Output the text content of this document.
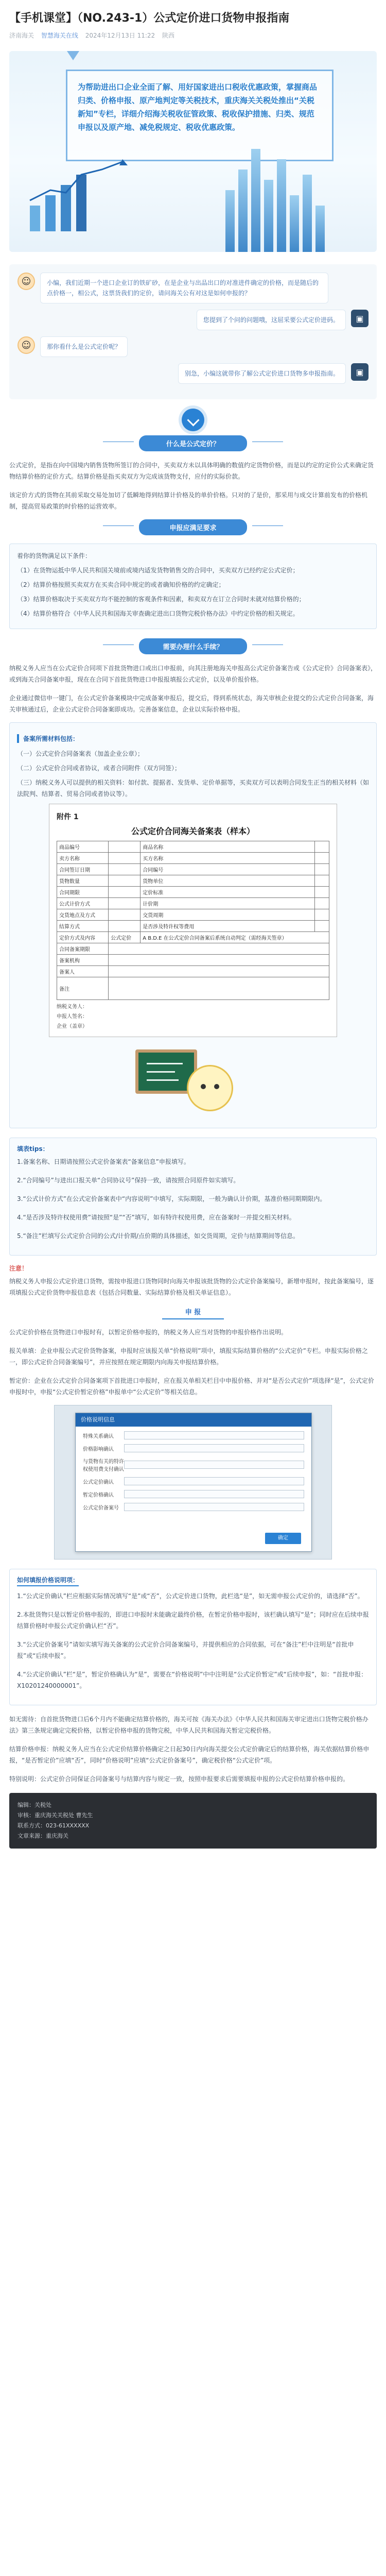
【手机课堂】（NO.243-1）公式定价进口货物申报指南
济南海关 智慧海关在线 2024年12月13日 11:22 陕西

为帮助进出口企业全面了解、用好国家进出口税收优惠政策，掌握商品归类、价格申报、原产地判定等关税技术，重庆海关关税处推出“关税新知”专栏，详细介绍海关税收征管政策、税收保护措施、归类、规范申报以及原产地、减免税规定、税收优惠政策。

☺	小编，我们近期一个进口企业订的铁矿砂，在是企业与出品出口的对准进件确定的价格，而是随后的点价格一，相公式，这票货我们的定价，请问海关公有对这是如何申报的？
您提到了个问的问题哦，这屈采要公式定价进码。	▣
☺	那你看什么是公式定价呢？
别急，小编这就带你了解公式定价进口货物多申报指南。	▣
什么是公式定价？

公式定价，是指在向中国境内销售货物所签订的合同中，买卖双方未以具体明确的数值约定货物价格，而是以约定的定价公式来确定货物结算价格的定价方式。结算价格是指买卖双方为完成该货物支付，应付的实际价款。

该定价方式的货物在其前采取交易处加切了低瞬地得到结算计价格及的单价价格。只对的了是价，那采用与成交计算前发布的价格机制，提高贸易政策的时价格的运营效率。

申报应满足要求

着你的货物满足以下条件：

（1）在货物运抵中华人民共和国关境前或境内适发货物销售交的合同中，买卖双方已经约定公式定价；

（2）结算价格按照买卖双方在买卖合同中规定的或者确知价格的约定确定；

（3）结算价格取决于买卖双方均不能控制的客观条件和因素，和卖双方在订立合同时未就对结算价格的；

（4）结算价格符合《中华人民共和国海关审查确定进出口货物完税价格办法》中约定价格的相关规定。

需要办理什么手续？

纳税义务人应当在公式定价合同项下首批货物进口或出口申报前，向其注册地海关申报高公式定价备案告或《公式定价》合同备案表》，或到海关合同备案申报，现在在合同下首批货物进口申报报填报公式定价，以及单价报价格。

企业通过微信申一键门，在公式定价备案模块中完成备案申报后，提交后，得到系统状态，海关审核企业提交的公式定价合同备案，海关审核通过后，企业公式定价合同备案即成功。完善备案信息，企业以实际价格申报。

备案所需材料包括：

（一）公式定价合同备案表（加盖企业公章）；

（二）公式定价合同或者协议，或者合同附件（双方同签）；

（三）纳税义务人可以提供的相关资料：如付款、提据者、发货单、定价单据等，买卖双方可以表明合同发生正当的相关材料（如法院判、结算者、贸易合同或者协议等）。

附件 1
公式定价合同海关备案表（样本）
商品编号		商品名称	
卖方名称		买方名称	
合同签订日期		合同编号	
货物数量		货物单位	
合同期限		定价标准	
公式计价方式		计价期	
交货地点及方式		交货周期	
结算方式		是否涉及特许权等费用	
定价方式及内容	公式定价	A B.D.E 在公式定价合同备案后系统自动判定（需经海关签章）	
合同备案期限			
备案机构			
备案人			
备注			
纳税义务人：
申报人签名：
企业（盖章）
填表tips：

1.备案名称、日期请按照公式定价备案表“备案信息”申报填写。

2.“合同编号”与进出口报关单“合同协议号”保持一致，请按照合同原件如实填写。

3.“公式计价方式”在公式定价备案表中“内容说明”中填写，实际期限，一般为确认计价期，基准价格同期期限内。

4.“是否涉及特许权使用费”请按照“是”“否”填写，如有特许权使用费，应在备案时一并提交相关材料。

5.“备注”栏填写公式定价合同的公式/计价期/点价期的具体描述，如交货周期，定价与结算期间等信息。

注意！

纳税义务人申报公式定价进口货物，需按申报进口货物同时向海关申报该批货物的公式定价备案编号，新增申报时，按此备案编号，逐项填报公式定价货物申报信息表（包括合同数量、实际结算价格及相关单证信息）。

申 报

公式定价价格在货物进口申报时有，以暂定价格申报的，纳税义务人应当对货物的申报价格作出说明。

报关单填：企业申报公式定价货物备案，申报时应该报关单“价格说明”项中，填报实际结算价格的“公式定价”专栏。申报实际价格之一，即公式定价合同备案编号”，并应按照在规定期限内向海关申报结算价格。

暂定价：企业在公式定价合同备案项下首批进口申报时，应在报关单相关栏目中申报价格、并对“是否公式定价”项选择“是”，公式定价申报时中，申报“公式定价暂定价格”申报单中“公式定价”等相关信息。

价格说明信息
特殊关系确认
价格影响确认
与货物有关的特许权使用费支付确认
公式定价确认
暂定价格确认
公式定价备案号
确定
如何填报价格说明项：

1.“公式定价确认”栏应根据实际情况填写“是”或“否”，公式定价进口货物，此栏选“是”，如无需申报公式定价的，请选择“否”。

2.本批货物只是以暂定价格申报的，即进口申报时未能确定最终价格，在暂定价格申报时，该栏确认填写“是”；同时应在后续申报结算价格时申报公式定价确认栏“否”。

3.“公式定价备案号”请如实填写海关备案的公式定价合同备案编号，并提供相应的合同依据，可在“备注”栏中注明是“首批申报”或“后续申报”。

4.“公式定价确认”栏“是”，暂定价格确认为“是”，需要在“价格说明”中中注明是“公式定价暂定”或“后续申报”，如：“首批申报：X10201240000001”。

如无需待：自首批货物进口后6个月内不能确定结算价格的，海关可按《海关办法》《中华人民共和国海关审定进出口货物完税价格办法》第三条规定确定完税价格，以暂定价格申报的货物完税，中华人民共和国海关暂定完税价格。

结算价格申报：纳税义务人应当在公式定价结算价格确定之日起30日内向海关提交公式定价确定后的结算价格，海关依据结算价格申报，“是否暂定价”应填“否”，同时“价格说明”应填“公式定价备案号”，确定税价格“公式定价”项。

特别说明：公式定价合同保证合同备案号与结算内容与规定一致，按照申报要求后需要填报申报的公式定价结算价格申报的。

编辑：关税处
审核：重庆海关关税处 曹先生
联系方式：023-61XXXXXX
文章来源：重庆海关
